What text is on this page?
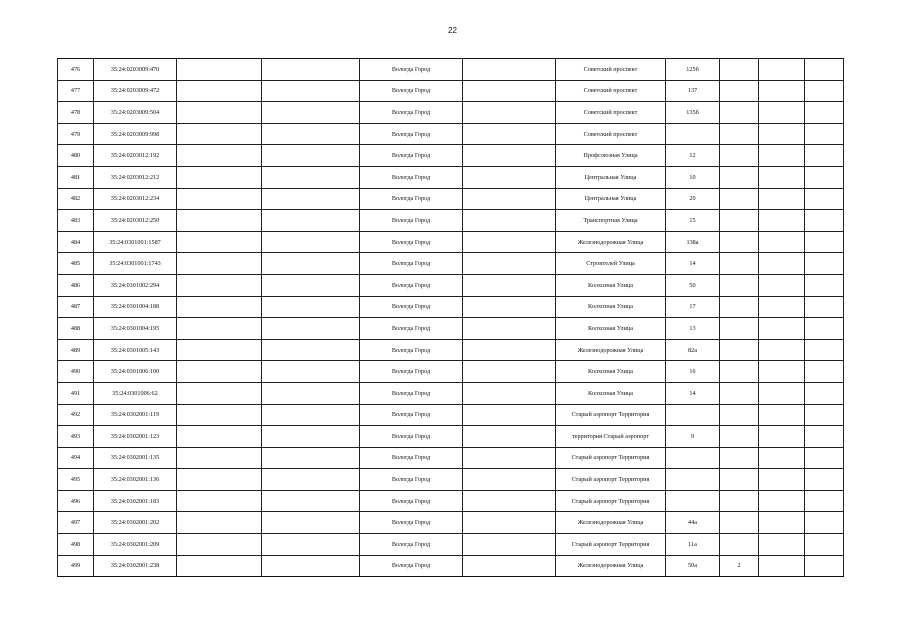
22
476	35:24:0203009:470			Вологда Город		Советский проспект	125б			
477	35:24:0203009:472			Вологда Город		Советский проспект	137			
478	35:24:0203009:504			Вологда Город		Советский проспект	135б			
479	35:24:0203009:998			Вологда Город		Советский проспект				
480	35:24:0203012:192			Вологда Город		Профсоюзная Улица	12			
481	35:24:0203012:212			Вологда Город		Центральная Улица	10			
482	35:24:0203012:234			Вологда Город		Центральная Улица	20			
483	35:24:0203012:250			Вологда Город		Транспортная Улица	15			
484	35:24:0301001:1587			Вологда Город		Железнодорожная Улица	138а			
485	35:24:0301001:1743			Вологда Город		Строителей Улица	14			
486	35:24:0301002:294			Вологда Город		Колхозная Улица	50			
487	35:24:0301004:188			Вологда Город		Колхозная Улица	17			
488	35:24:0301004:195			Вологда Город		Колхозная Улица	13			
489	35:24:0301005:143			Вологда Город		Железнодорожная Улица	82а			
490	35:24:0301006:100			Вологда Город		Колхозная Улица	16			
491	35:24:0301006:62			Вологда Город		Колхозная Улица	14			
492	35:24:0302001:119			Вологда Город		Старый аэропорт Территория				
493	35:24:0302001:123			Вологда Город		территория Старый аэропорт	9			
494	35:24:0302001:135			Вологда Город		Старый аэропорт Территория				
495	35:24:0302001:136			Вологда Город		Старый аэропорт Территория				
496	35:24:0302001:183			Вологда Город		Старый аэропорт Территория				
497	35:24:0302001:202			Вологда Город		Железнодорожная Улица	44а			
498	35:24:0302001:209			Вологда Город		Старый аэропорт Территория	11а			
499	35:24:0302001:238			Вологда Город		Железнодорожная Улица	50а	2		
